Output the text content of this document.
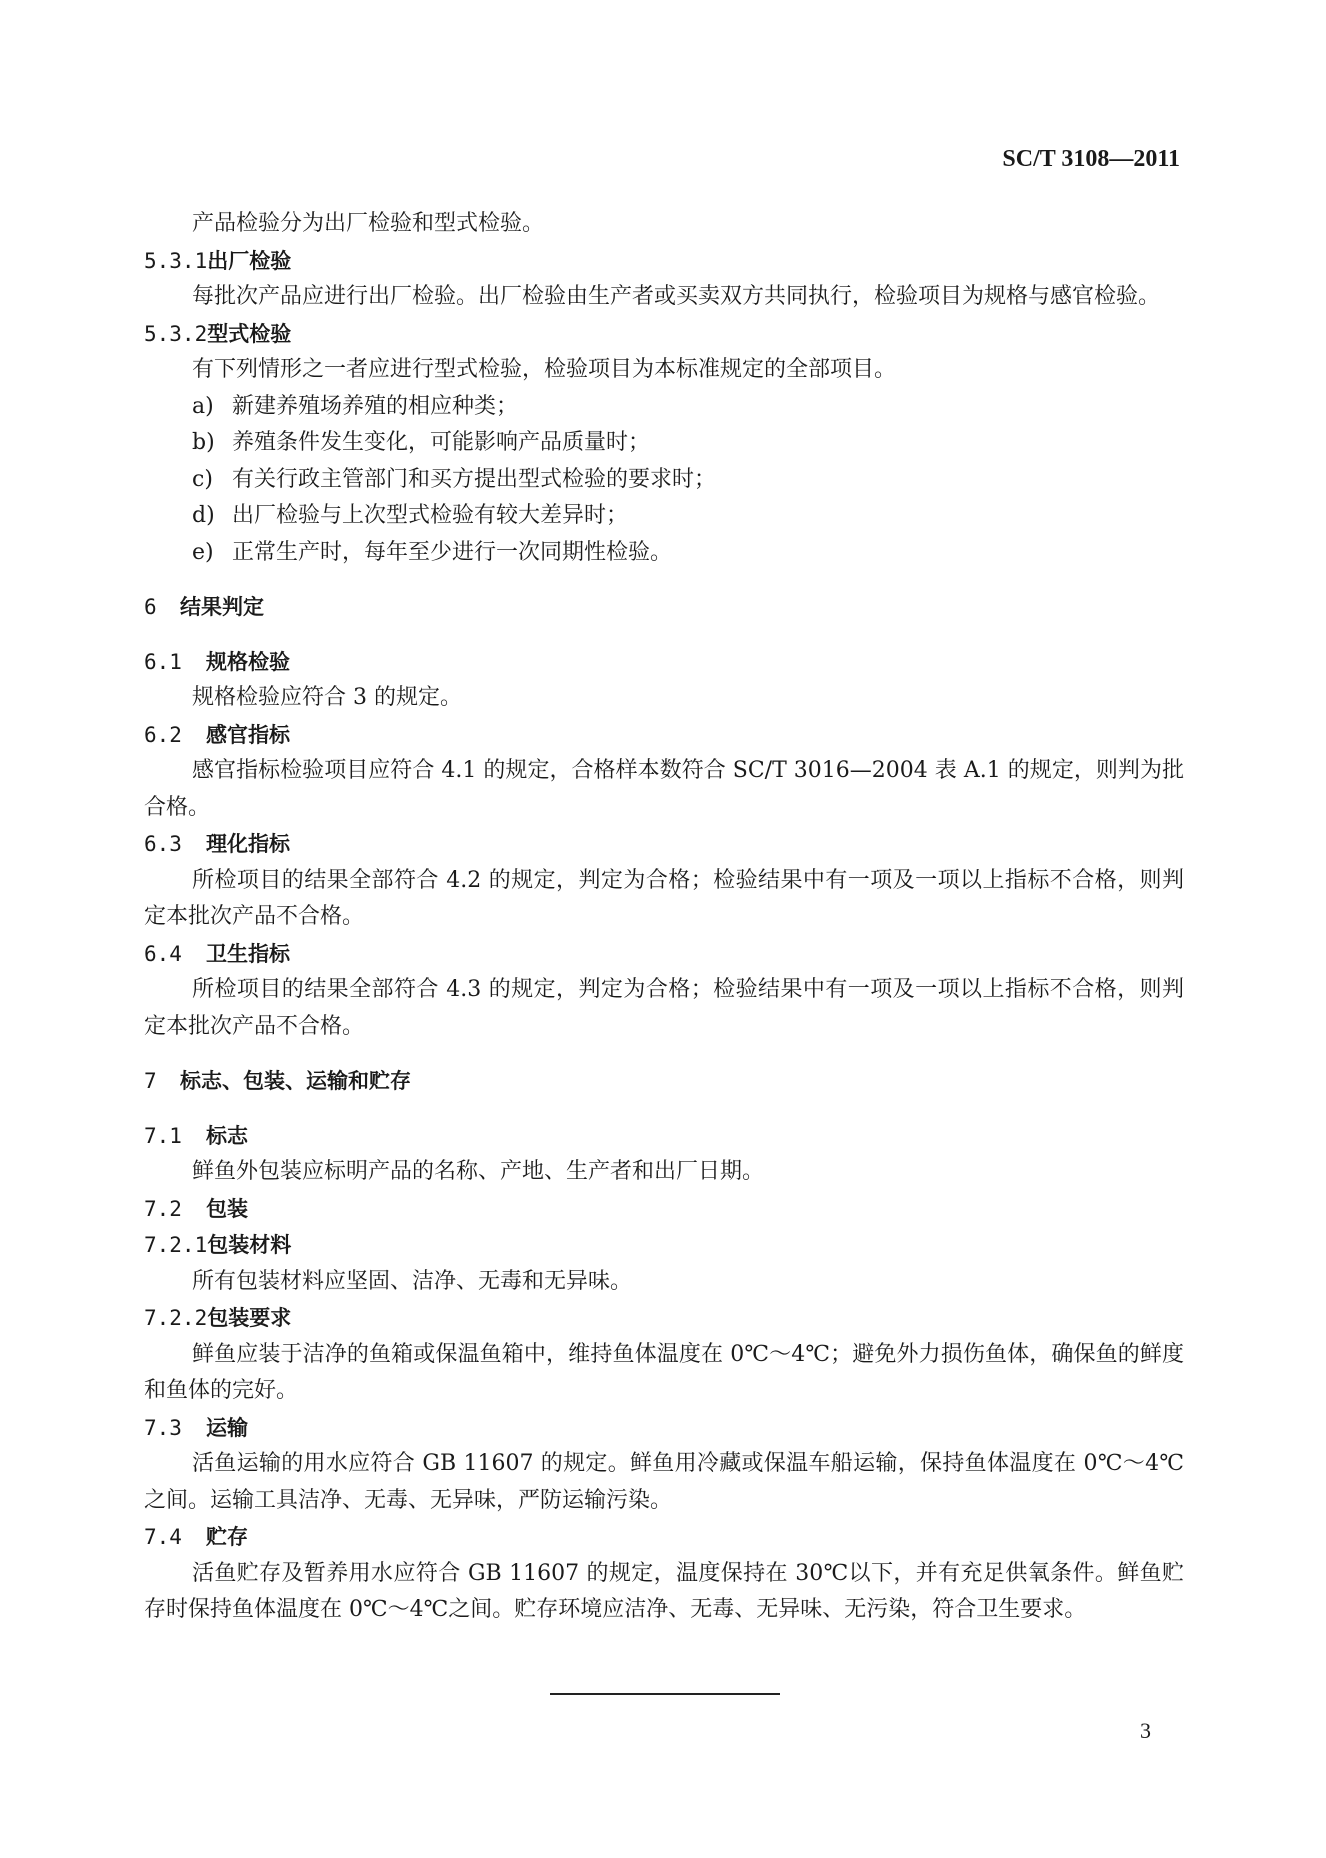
SC/T 3108—2011

产品检验分为出厂检验和型式检验。

5.3.1出厂检验

每批次产品应进行出厂检验。出厂检验由生产者或买卖双方共同执行，检验项目为规格与感官检验。

5.3.2型式检验

有下列情形之一者应进行型式检验，检验项目为本标准规定的全部项目。

a) 新建养殖场养殖的相应种类；

b) 养殖条件发生变化，可能影响产品质量时；

c) 有关行政主管部门和买方提出型式检验的要求时；

d) 出厂检验与上次型式检验有较大差异时；

e) 正常生产时，每年至少进行一次同期性检验。

6 结果判定

6.1 规格检验

规格检验应符合 3 的规定。

6.2 感官指标

感官指标检验项目应符合 4.1 的规定，合格样本数符合 SC/T 3016—2004 表 A.1 的规定，则判为批合格。

6.3 理化指标

所检项目的结果全部符合 4.2 的规定，判定为合格；检验结果中有一项及一项以上指标不合格，则判定本批次产品不合格。

6.4 卫生指标

所检项目的结果全部符合 4.3 的规定，判定为合格；检验结果中有一项及一项以上指标不合格，则判定本批次产品不合格。

7 标志、包装、运输和贮存

7.1 标志

鲜鱼外包装应标明产品的名称、产地、生产者和出厂日期。

7.2 包装

7.2.1包装材料

所有包装材料应坚固、洁净、无毒和无异味。

7.2.2包装要求

鲜鱼应装于洁净的鱼箱或保温鱼箱中，维持鱼体温度在 0℃～4℃；避免外力损伤鱼体，确保鱼的鲜度和鱼体的完好。

7.3 运输

活鱼运输的用水应符合 GB 11607 的规定。鲜鱼用冷藏或保温车船运输，保持鱼体温度在 0℃～4℃之间。运输工具洁净、无毒、无异味，严防运输污染。

7.4 贮存

活鱼贮存及暂养用水应符合 GB 11607 的规定，温度保持在 30℃以下，并有充足供氧条件。鲜鱼贮存时保持鱼体温度在 0℃～4℃之间。贮存环境应洁净、无毒、无异味、无污染，符合卫生要求。

3
